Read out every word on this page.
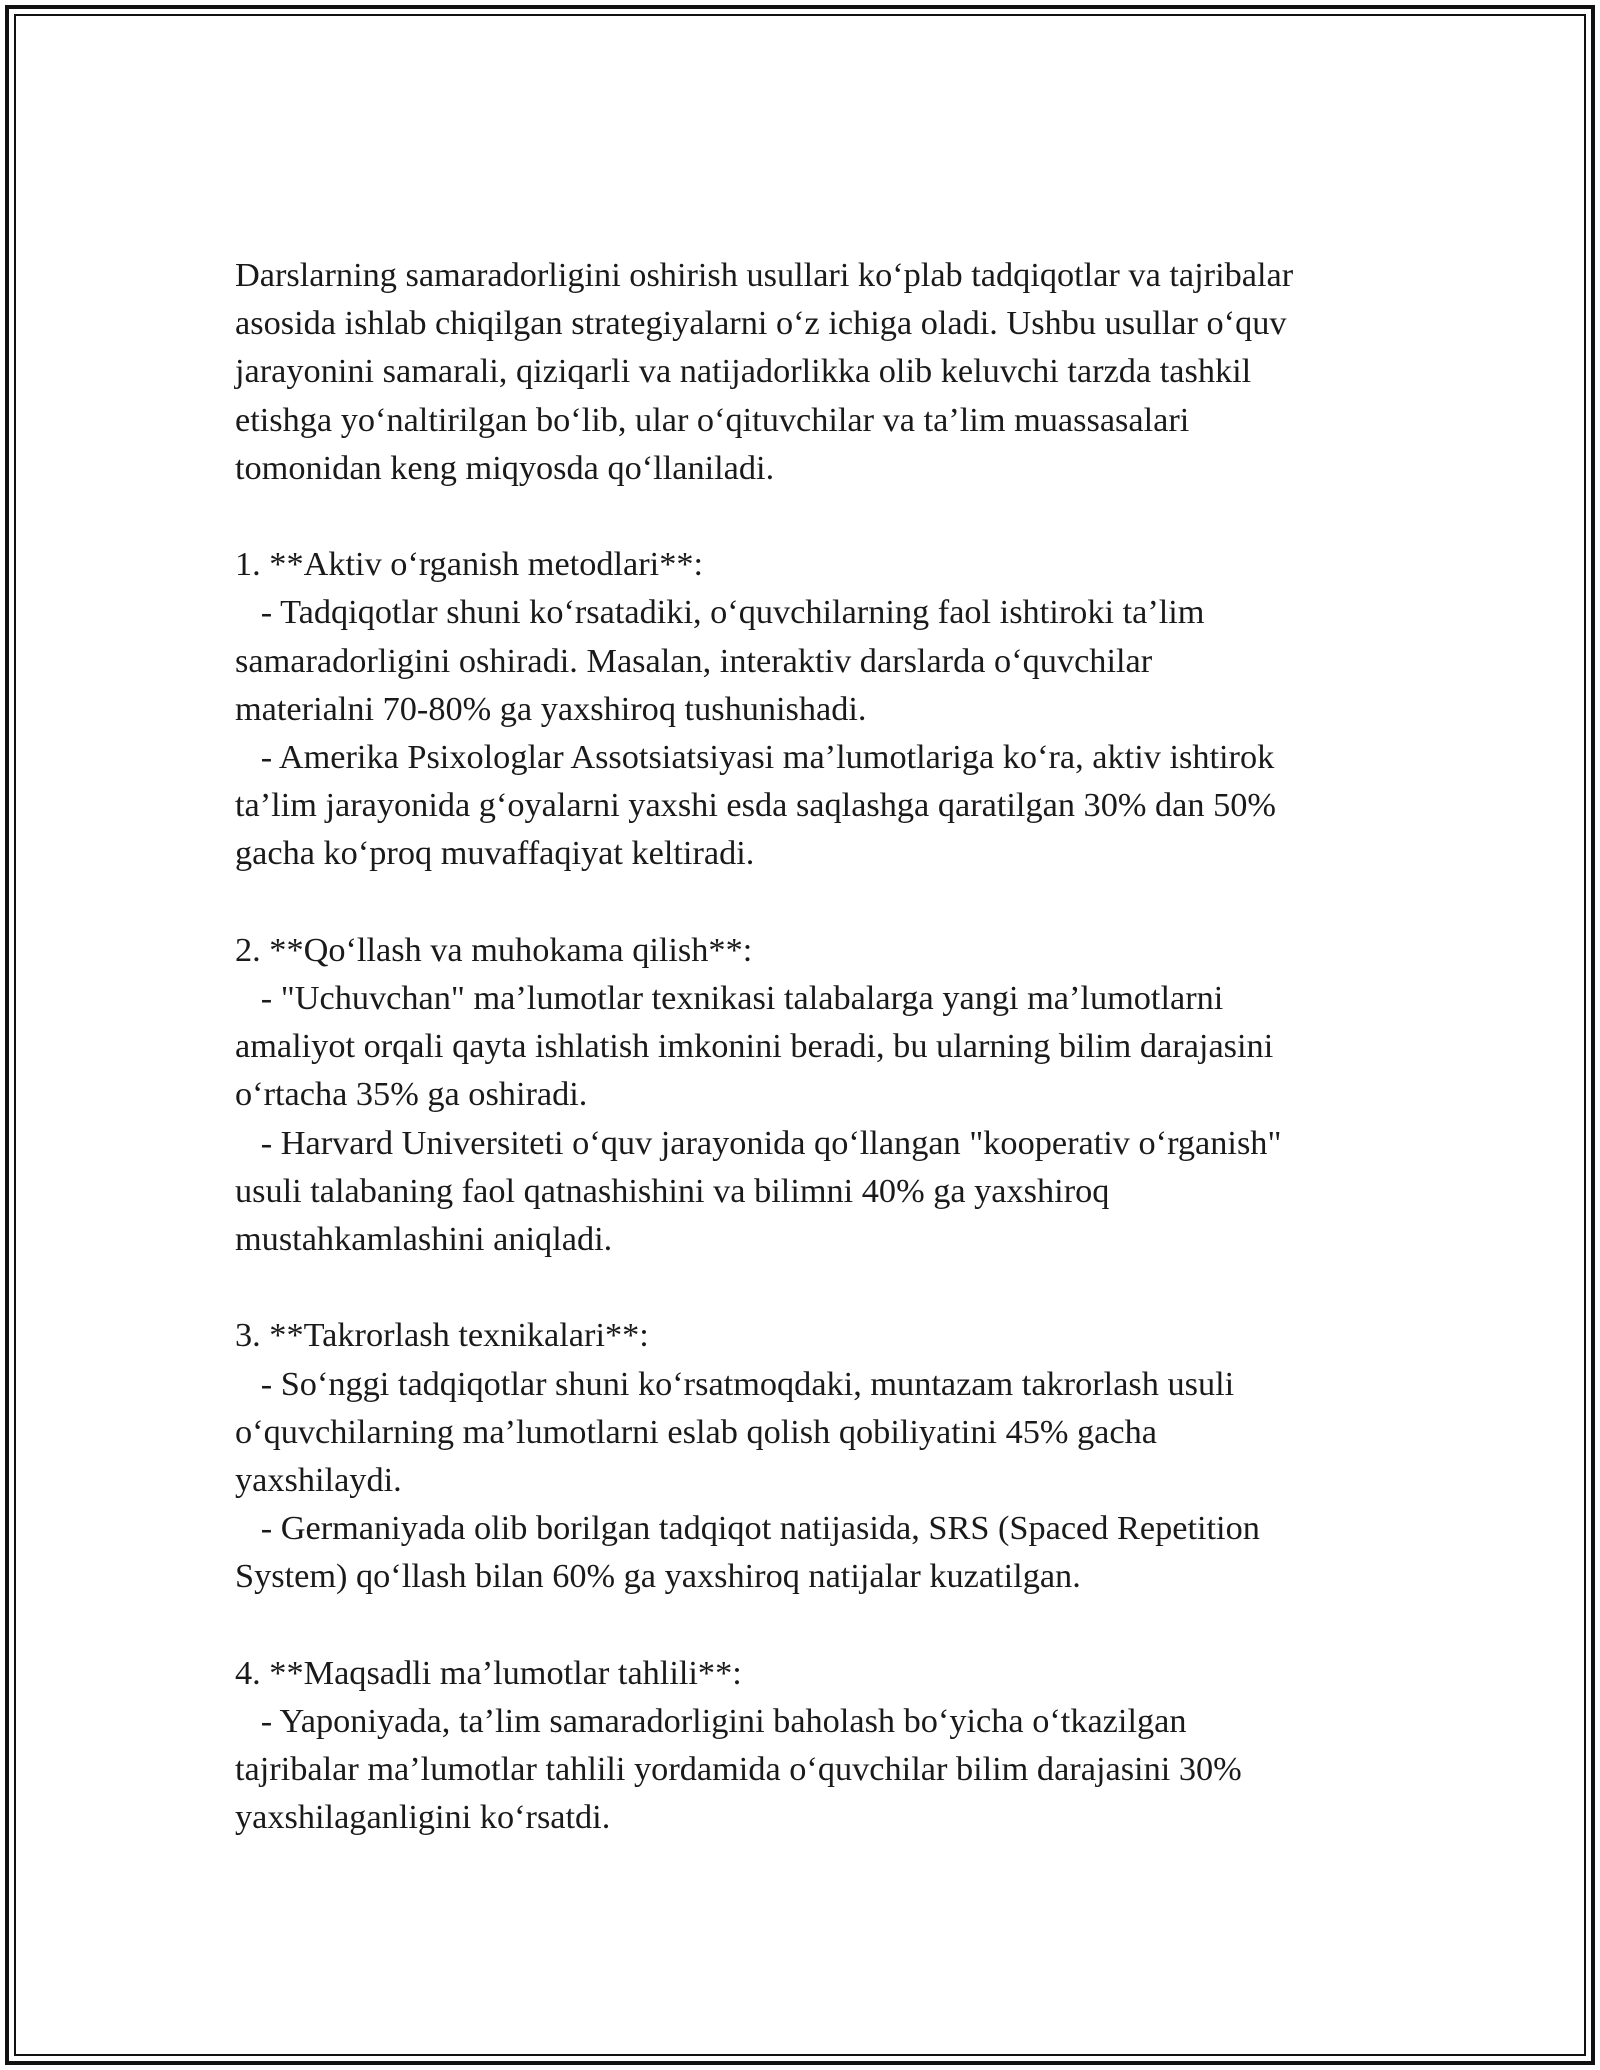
Darslarning samaradorligini oshirish usullari ko‘plab tadqiqotlar va tajribalar
asosida ishlab chiqilgan strategiyalarni o‘z ichiga oladi. Ushbu usullar o‘quv
jarayonini samarali, qiziqarli va natijadorlikka olib keluvchi tarzda tashkil
etishga yo‘naltirilgan bo‘lib, ular o‘qituvchilar va ta’lim muassasalari
tomonidan keng miqyosda qo‘llaniladi.
1. **Aktiv o‘rganish metodlari**:
- Tadqiqotlar shuni ko‘rsatadiki, o‘quvchilarning faol ishtiroki ta’lim
samaradorligini oshiradi. Masalan, interaktiv darslarda o‘quvchilar
materialni 70-80% ga yaxshiroq tushunishadi.
- Amerika Psixologlar Assotsiatsiyasi ma’lumotlariga ko‘ra, aktiv ishtirok
ta’lim jarayonida g‘oyalarni yaxshi esda saqlashga qaratilgan 30% dan 50%
gacha ko‘proq muvaffaqiyat keltiradi.
2. **Qo‘llash va muhokama qilish**:
- "Uchuvchan" ma’lumotlar texnikasi talabalarga yangi ma’lumotlarni
amaliyot orqali qayta ishlatish imkonini beradi, bu ularning bilim darajasini
o‘rtacha 35% ga oshiradi.
- Harvard Universiteti o‘quv jarayonida qo‘llangan "kooperativ o‘rganish"
usuli talabaning faol qatnashishini va bilimni 40% ga yaxshiroq
mustahkamlashini aniqladi.
3. **Takrorlash texnikalari**:
- So‘nggi tadqiqotlar shuni ko‘rsatmoqdaki, muntazam takrorlash usuli
o‘quvchilarning ma’lumotlarni eslab qolish qobiliyatini 45% gacha
yaxshilaydi.
- Germaniyada olib borilgan tadqiqot natijasida, SRS (Spaced Repetition
System) qo‘llash bilan 60% ga yaxshiroq natijalar kuzatilgan.
4. **Maqsadli ma’lumotlar tahlili**:
- Yaponiyada, ta’lim samaradorligini baholash bo‘yicha o‘tkazilgan
tajribalar ma’lumotlar tahlili yordamida o‘quvchilar bilim darajasini 30%
yaxshilaganligini ko‘rsatdi.
